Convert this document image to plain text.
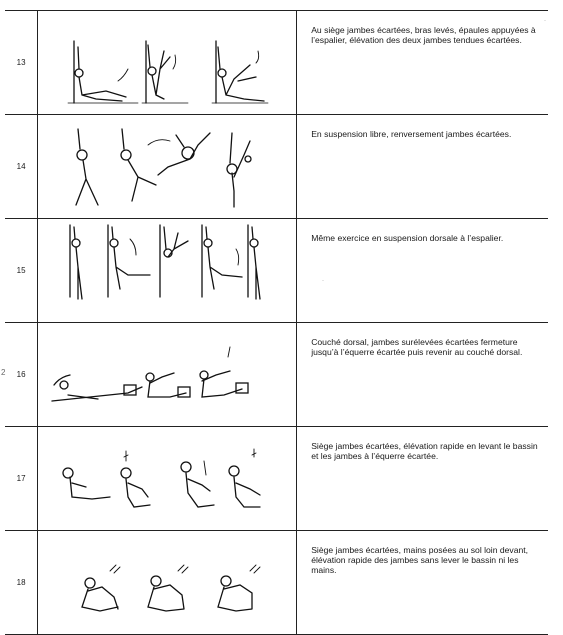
2
·
·
13		Au siège jambes écartées, bras levés, épaules appuyées à l’espalier, élévation des deux jambes tendues écartées.
14		En suspension libre, renversement jambes écartées.
15		Même exercice en suspension dorsale à l’espalier.
16		Couché dorsal, jambes surélevées écartées fermeture jusqu’à l’équerre écartée puis revenir au couché dorsal.
17		Siège jambes écartées, élévation rapide en levant le bassin et les jambes à l’équerre écartée.
18		Siège jambes écartées, mains posées au sol loin devant, élévation rapide des jambes sans lever le bassin ni les mains.
